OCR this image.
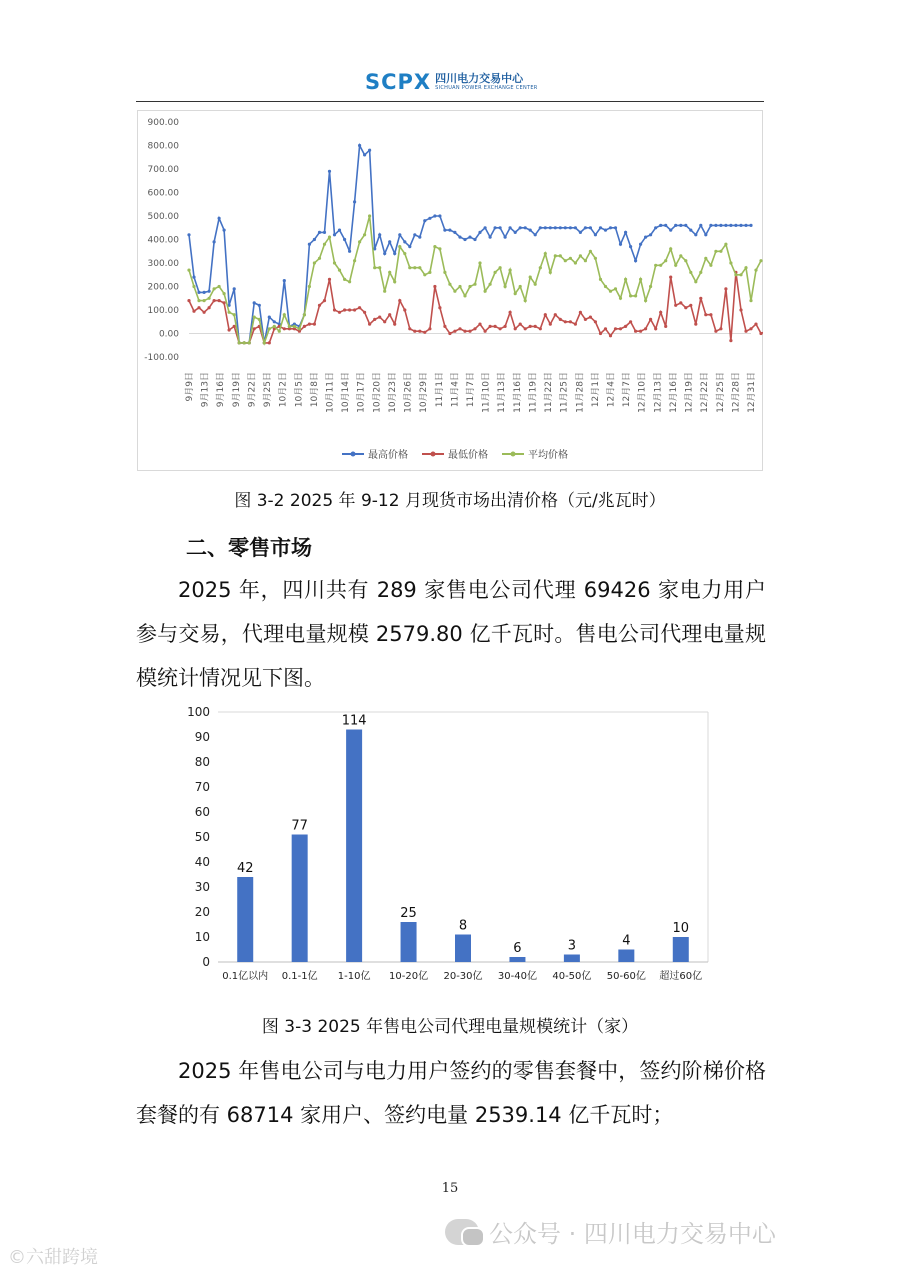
SCPX 四川电力交易中心
SICHUAN POWER EXCHANGE CENTER
900.00
800.00
700.00
600.00
500.00
400.00
300.00
200.00
100.00
0.00
-100.00
9月9日 9月13日 9月16日 9月19日 9月22日 9月25日 10月2日 10月5日 10月8日 10月11日 10月14日 10月17日 10月20日 10月23日 10月26日 10月29日 11月1日 11月4日 11月7日 11月10日 11月13日 11月16日 11月19日 11月22日 11月25日 11月28日 12月1日 12月4日 12月7日 12月10日 12月13日 12月16日 12月19日 12月22日 12月25日 12月28日 12月31日
最高价格	最低价格	平均价格
图 3-2 2025 年 9-12 月现货市场出清价格（元/兆瓦时）
二、零售市场
2025 年，四川共有 289 家售电公司代理 69426 家电力用户参与交易，代理电量规模 2579.80 亿千瓦时。售电公司代理电量规模统计情况见下图。
100
90
80
70
60
50
40
30
20
10
0
42
0.1亿以内
77
0.1-1亿
114
1-10亿
25
10-20亿
8
20-30亿
6
30-40亿
3
40-50亿
4
50-60亿
10
超过60亿
图 3-3 2025 年售电公司代理电量规模统计（家）
2025 年售电公司与电力用户签约的零售套餐中，签约阶梯价格套餐的有 68714 家用户、签约电量 2539.14 亿千瓦时；
15
公众号 · 四川电力交易中心
©六甜跨境
